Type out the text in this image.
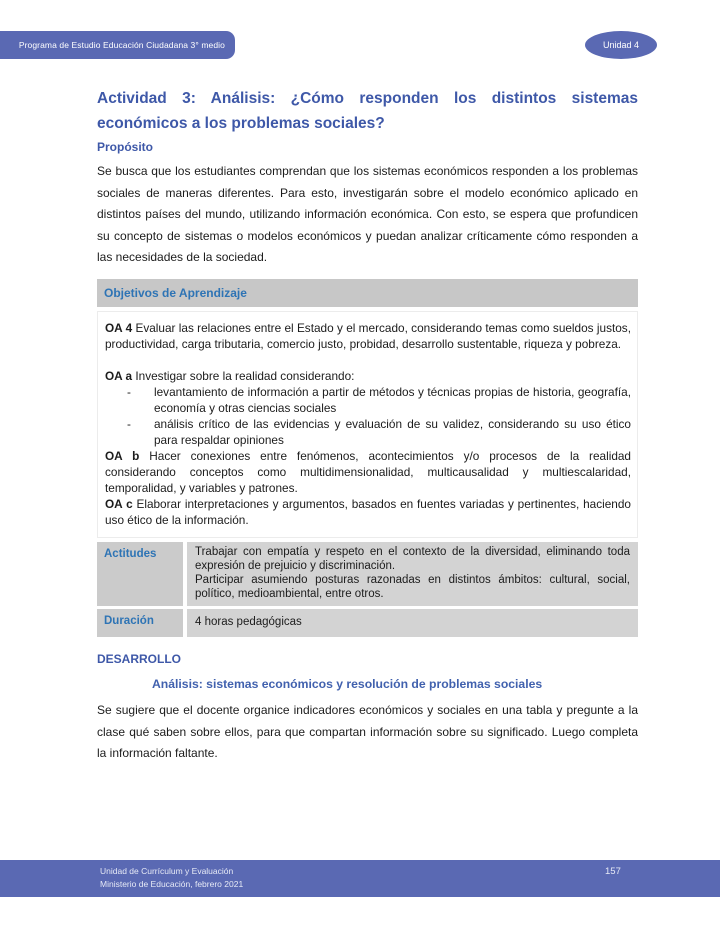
Programa de Estudio Educación Ciudadana 3° medio	Unidad 4
Actividad 3: Análisis: ¿Cómo responden los distintos sistemas económicos a los problemas sociales?
Propósito

Se busca que los estudiantes comprendan que los sistemas económicos responden a los problemas sociales de maneras diferentes. Para esto, investigarán sobre el modelo económico aplicado en distintos países del mundo, utilizando información económica. Con esto, se espera que profundicen su concepto de sistemas o modelos económicos y puedan analizar críticamente cómo responden a las necesidades de la sociedad.

Objetivos de Aprendizaje

OA 4 Evaluar las relaciones entre el Estado y el mercado, considerando temas como sueldos justos, productividad, carga tributaria, comercio justo, probidad, desarrollo sustentable, riqueza y pobreza.

OA a Investigar sobre la realidad considerando:

-	levantamiento de información a partir de métodos y técnicas propias de historia, geografía, economía y otras ciencias sociales
-	análisis crítico de las evidencias y evaluación de su validez, considerando su uso ético para respaldar opiniones

OA b Hacer conexiones entre fenómenos, acontecimientos y/o procesos de la realidad considerando conceptos como multidimensionalidad, multicausalidad y multiescalaridad, temporalidad, y variables y patrones.

OA c Elaborar interpretaciones y argumentos, basados en fuentes variadas y pertinentes, haciendo uso ético de la información.

Actitudes	Trabajar con empatía y respeto en el contexto de la diversidad, eliminando toda expresión de prejuicio y discriminación.

Participar asumiendo posturas razonadas en distintos ámbitos: cultural, social, político, medioambiental, entre otros.

Duración	4 horas pedagógicas

DESARROLLO
Análisis: sistemas económicos y resolución de problemas sociales

Se sugiere que el docente organice indicadores económicos y sociales en una tabla y pregunte a la clase qué saben sobre ellos, para que compartan información sobre su significado. Luego completa la información faltante.

Unidad de Currículum y Evaluación
Ministerio de Educación, febrero 2021
157
